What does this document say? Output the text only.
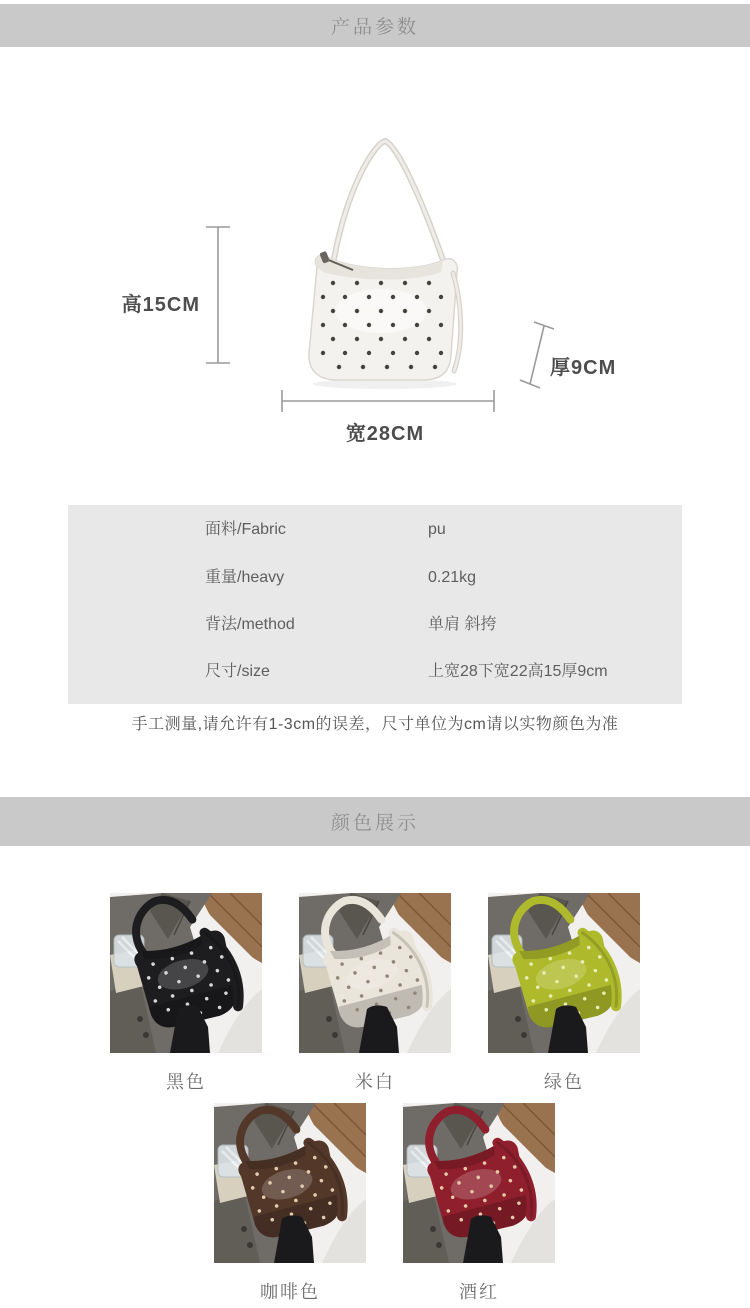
产品参数
高15CM
厚9CM
宽28CM
面料/Fabric	pu
重量/heavy	0.21kg
背法/method	单肩 斜挎
尺寸/size	上宽28下宽22高15厚9cm
手工测量,请允许有1-3cm的误差，尺寸单位为cm请以实物颜色为准
颜色展示
黑色	米白	绿色
咖啡色	酒红
